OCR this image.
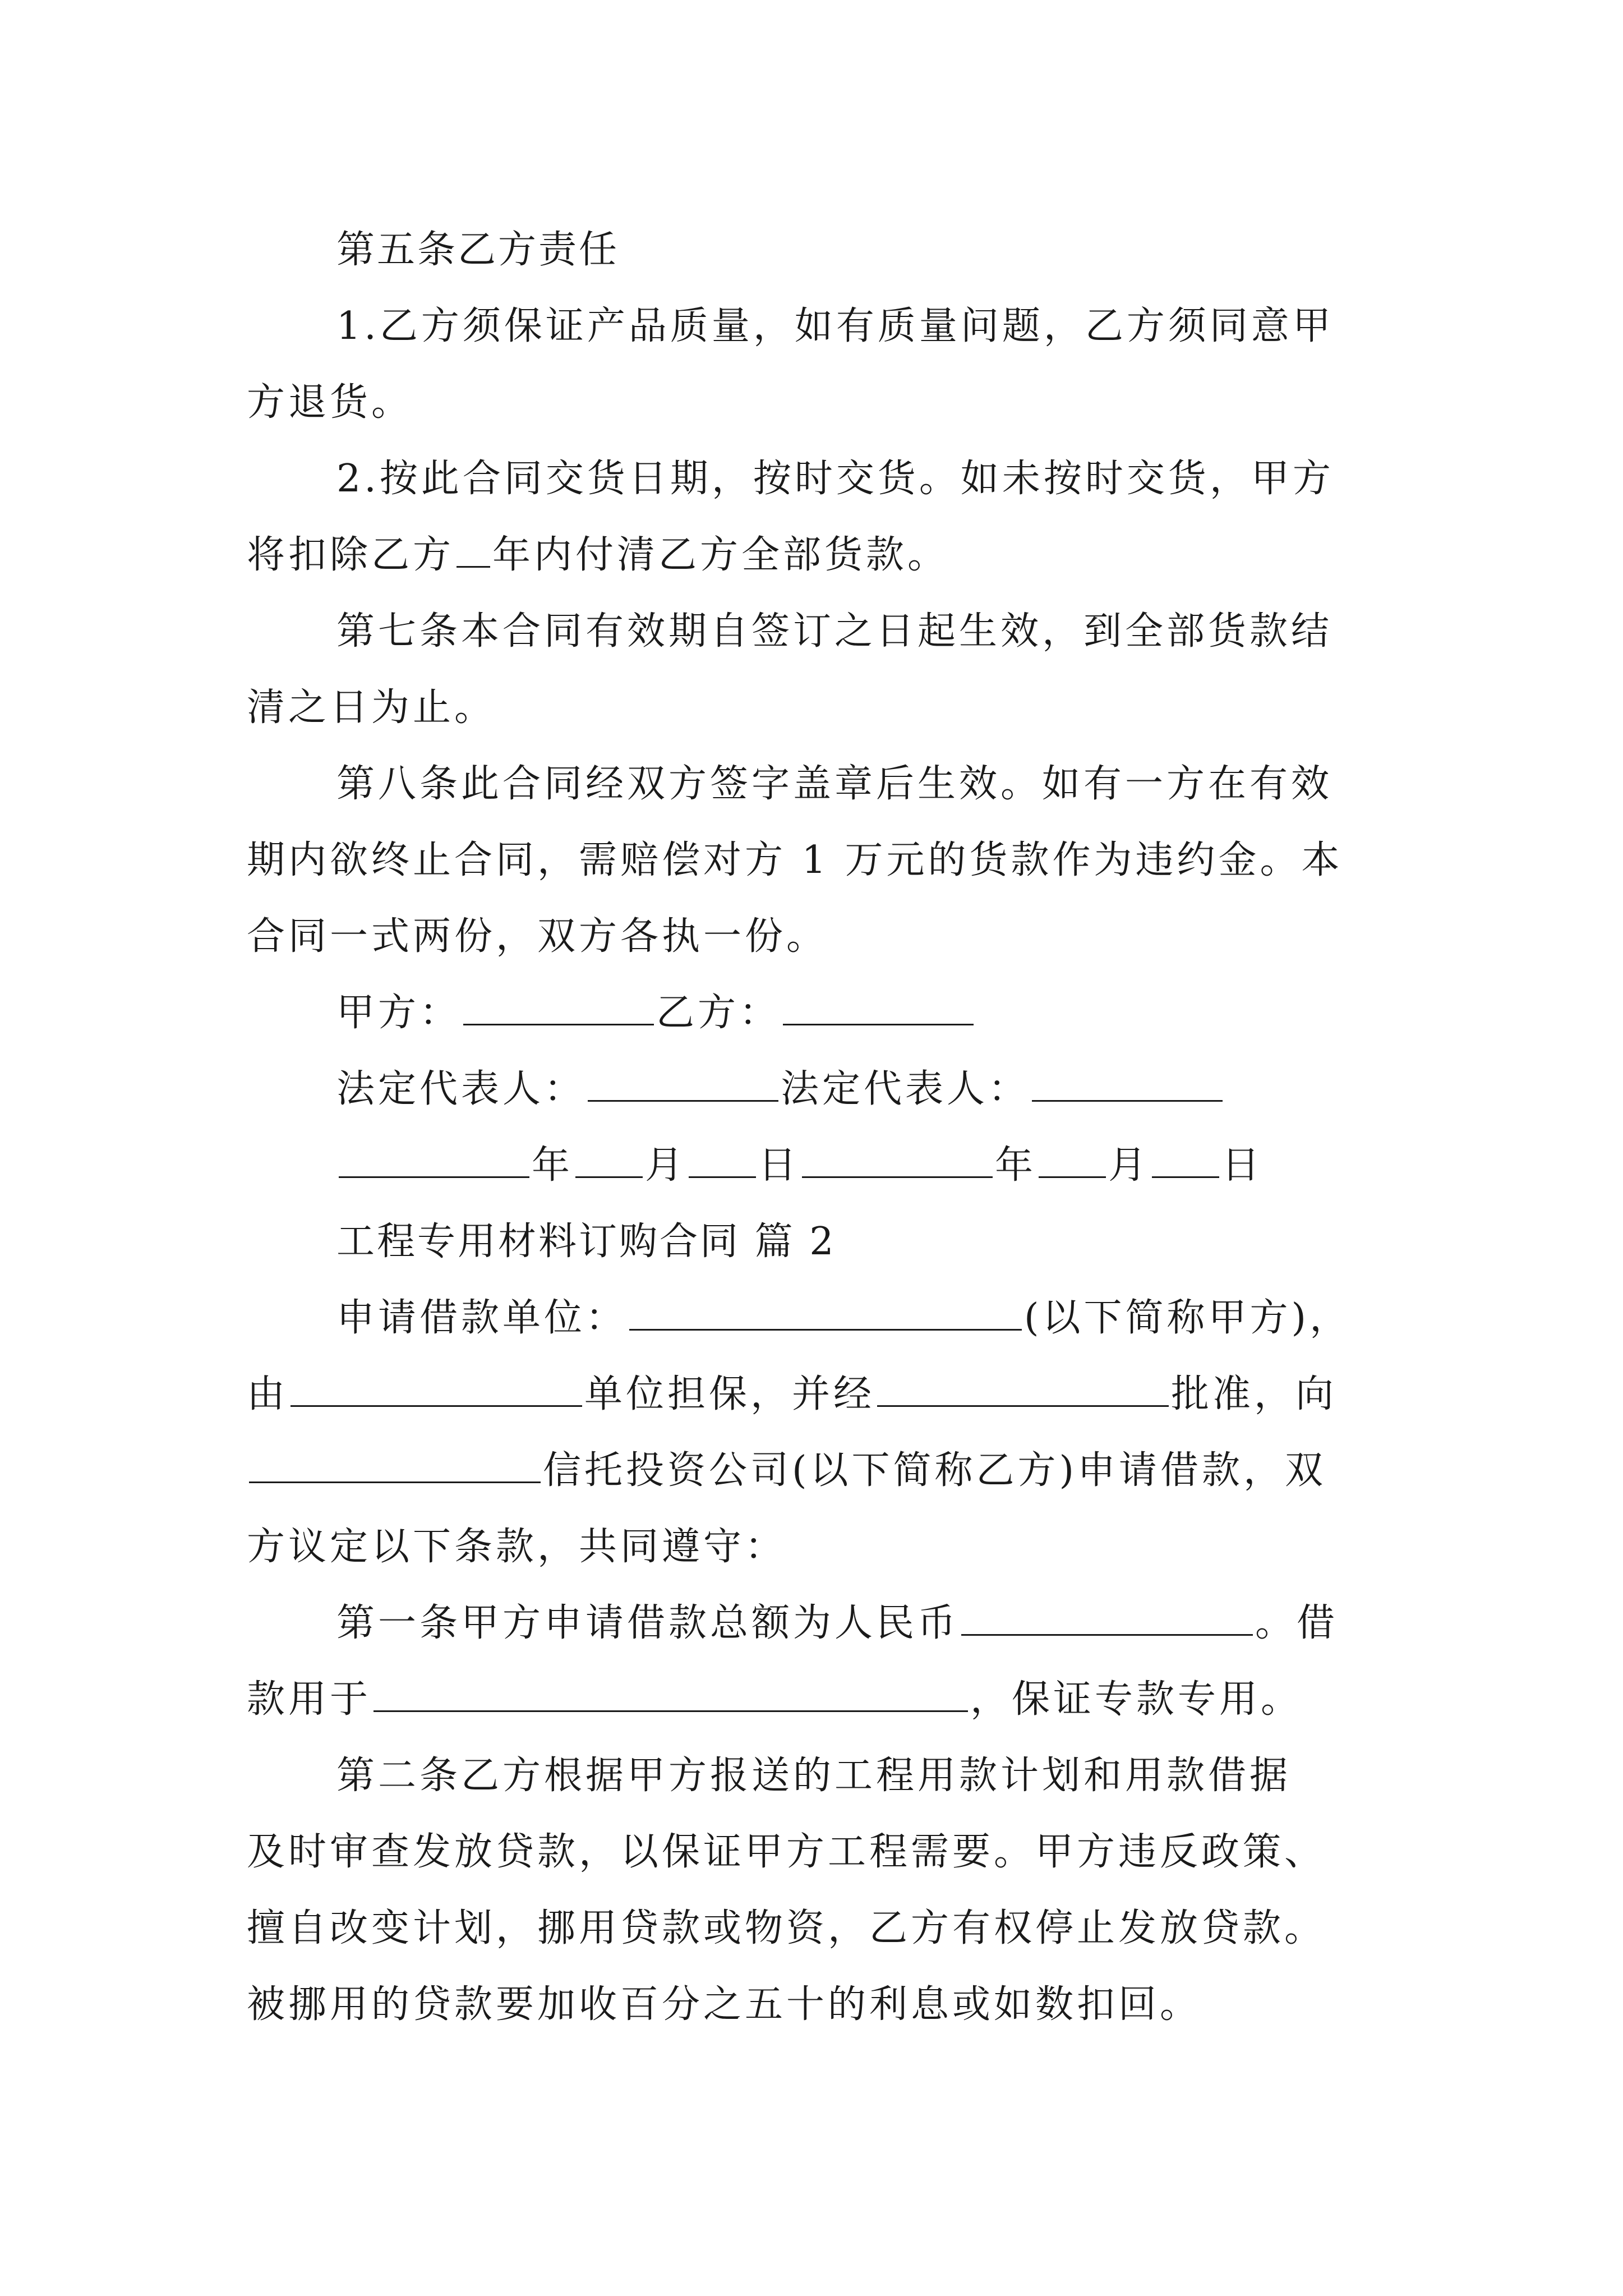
第五条乙方责任
1.乙方须保证产品质量，如有质量问题，乙方须同意甲
方退货。
2.按此合同交货日期，按时交货。如未按时交货，甲方
将扣除乙方 年内付清乙方全部货款。
第七条本合同有效期自签订之日起生效，到全部货款结
清之日为止。
第八条此合同经双方签字盖章后生效。如有一方在有效
期内欲终止合同，需赔偿对方 1 万元的货款作为违约金。本
合同一式两份，双方各执一份。
甲方：	乙方：
法定代表人：	法定代表人：
年 月 日	年 月 日
工程专用材料订购合同 篇 2
申请借款单位：	(以下简称甲方)，
由	单位担保，并经	批准，向
信托投资公司(以下简称乙方)申请借款，双
方议定以下条款，共同遵守：
第一条甲方申请借款总额为人民币	。借
款用于	，保证专款专用。
第二条乙方根据甲方报送的工程用款计划和用款借据
及时审查发放贷款，以保证甲方工程需要。甲方违反政策、
擅自改变计划，挪用贷款或物资，乙方有权停止发放贷款。
被挪用的贷款要加收百分之五十的利息或如数扣回。
